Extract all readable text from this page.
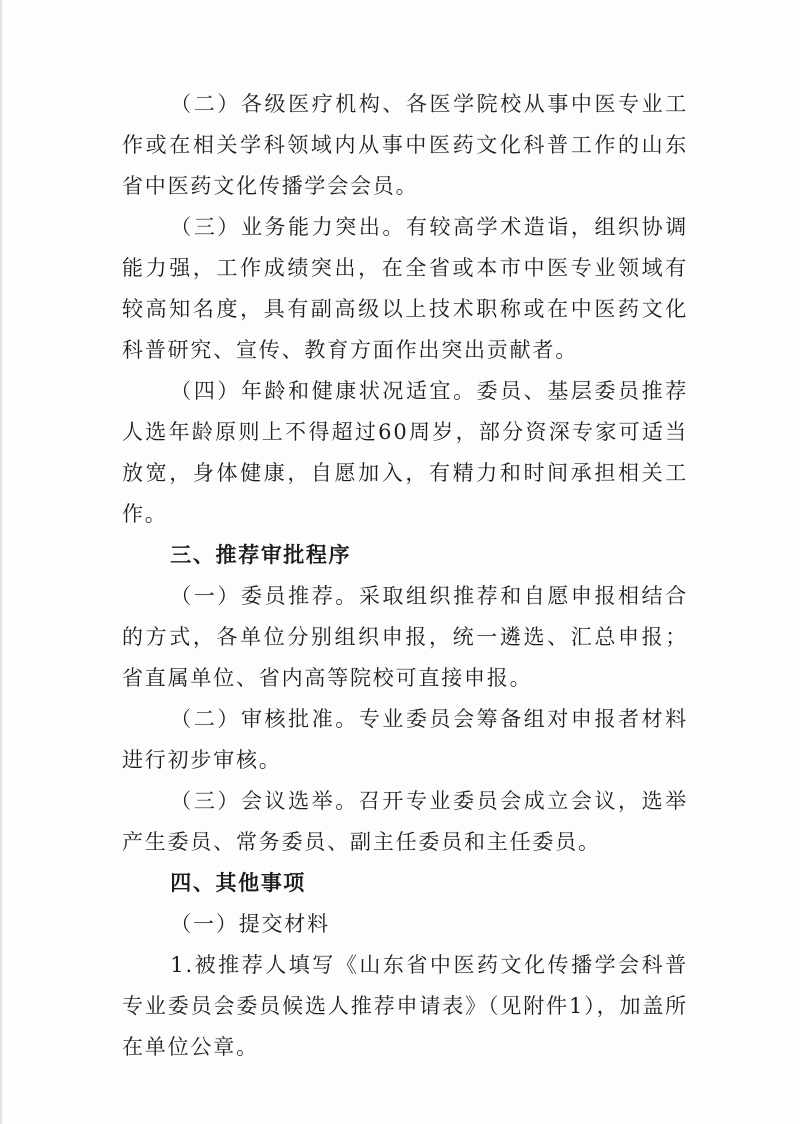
（二）各级医疗机构、各医学院校从事中医专业工作或在相关学科领域内从事中医药文化科普工作的山东省中医药文化传播学会会员。

（三）业务能力突出。有较高学术造诣，组织协调能力强，工作成绩突出，在全省或本市中医专业领域有较高知名度，具有副高级以上技术职称或在中医药文化科普研究、宣传、教育方面作出突出贡献者。

（四）年龄和健康状况适宜。委员、基层委员推荐人选年龄原则上不得超过60周岁，部分资深专家可适当放宽，身体健康，自愿加入，有精力和时间承担相关工作。

三、推荐审批程序

（一）委员推荐。采取组织推荐和自愿申报相结合的方式，各单位分别组织申报，统一遴选、汇总申报；省直属单位、省内高等院校可直接申报。

（二）审核批准。专业委员会筹备组对申报者材料进行初步审核。

（三）会议选举。召开专业委员会成立会议，选举产生委员、常务委员、副主任委员和主任委员。

四、其他事项

（一）提交材料

1.被推荐人填写《山东省中医药文化传播学会科普专业委员会委员候选人推荐申请表》（见附件1），加盖所在单位公章。
